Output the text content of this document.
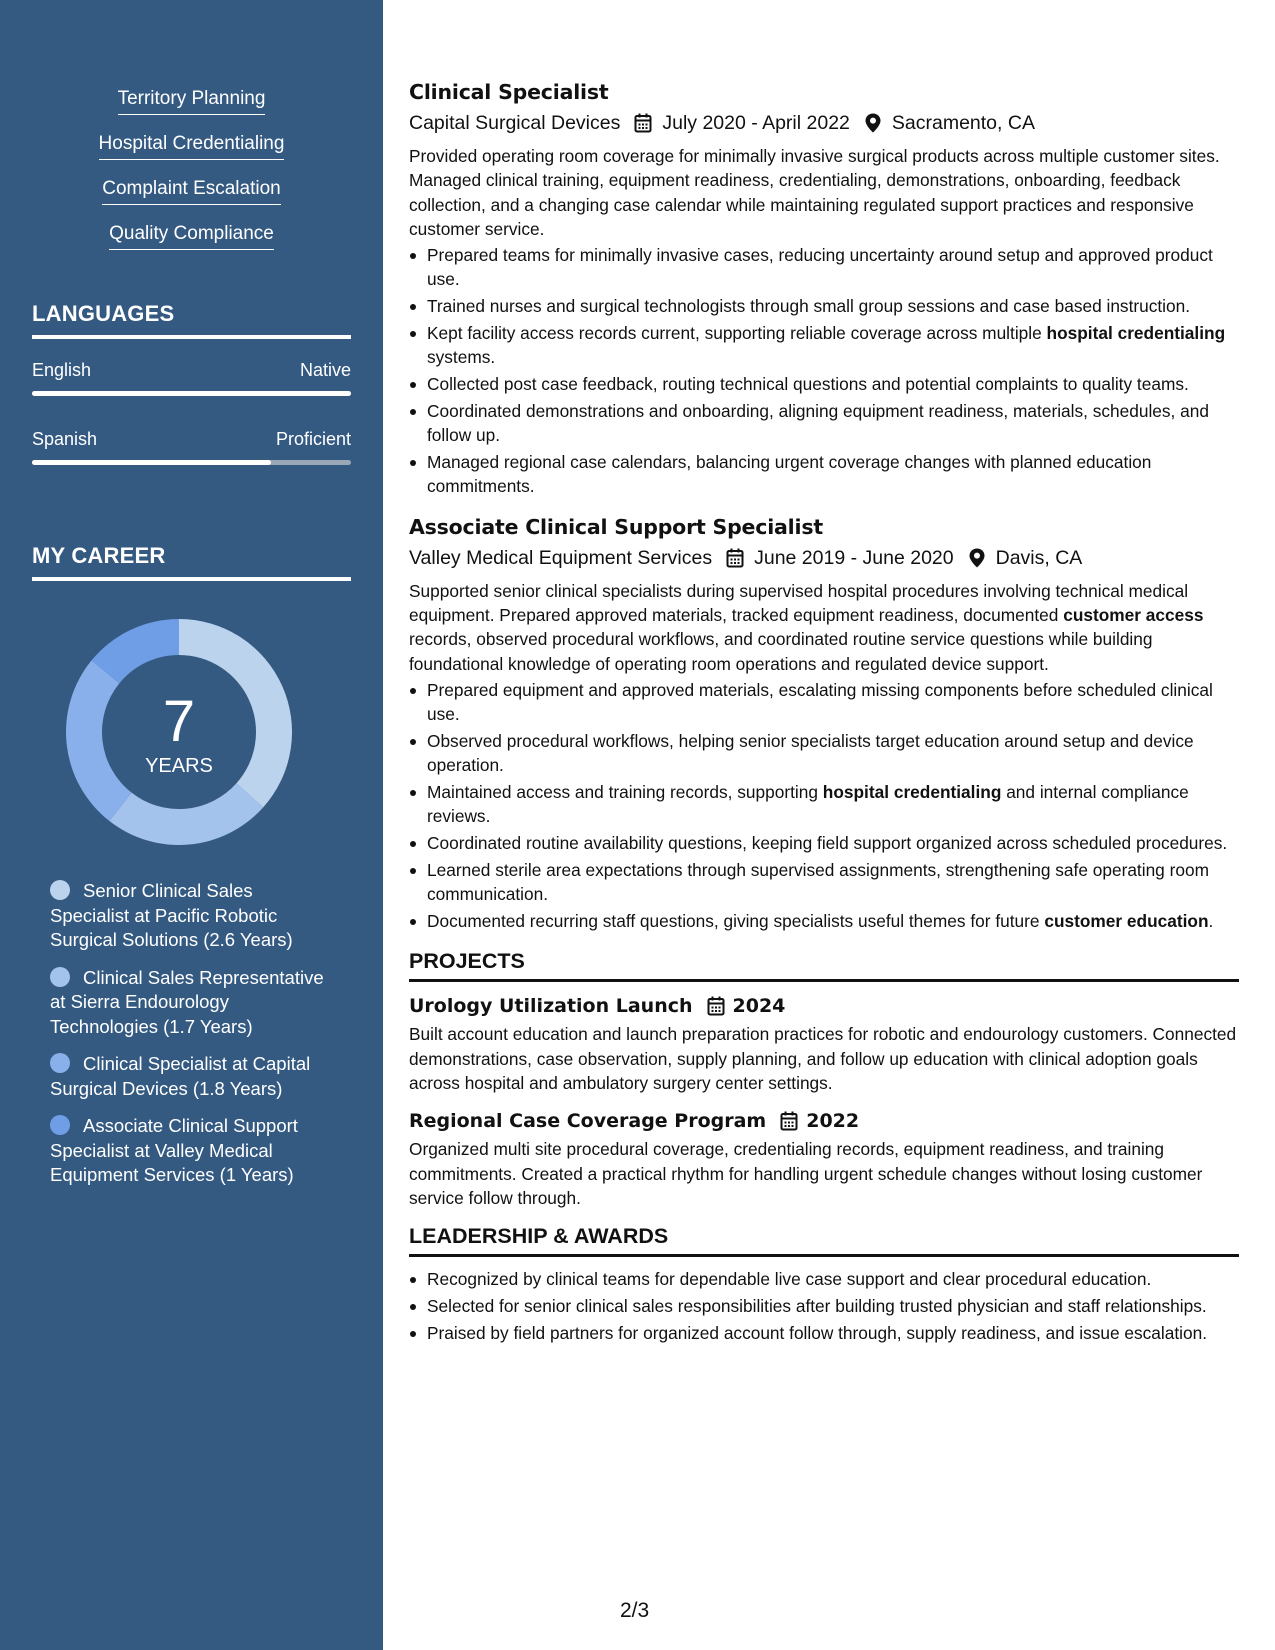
Territory Planning
Hospital Credentialing
Complaint Escalation
Quality Compliance
LANGUAGES
English	Native
Spanish	Proficient
MY CAREER
7
YEARS
Senior Clinical Sales Specialist at Pacific Robotic Surgical Solutions (2.6 Years)
Clinical Sales Representative at Sierra Endourology Technologies (1.7 Years)
Clinical Specialist at Capital Surgical Devices (1.8 Years)
Associate Clinical Support Specialist at Valley Medical Equipment Services (1 Years)
Clinical Specialist
Capital Surgical Devices July 2020 - April 2022 Sacramento, CA
Provided operating room coverage for minimally invasive surgical products across multiple customer sites. Managed clinical training, equipment readiness, credentialing, demonstrations, onboarding, feedback collection, and a changing case calendar while maintaining regulated support practices and responsive customer service.
Prepared teams for minimally invasive cases, reducing uncertainty around setup and approved product use.
Trained nurses and surgical technologists through small group sessions and case based instruction.
Kept facility access records current, supporting reliable coverage across multiple hospital credentialing systems.
Collected post case feedback, routing technical questions and potential complaints to quality teams.
Coordinated demonstrations and onboarding, aligning equipment readiness, materials, schedules, and follow up.
Managed regional case calendars, balancing urgent coverage changes with planned education commitments.
Associate Clinical Support Specialist
Valley Medical Equipment Services June 2019 - June 2020 Davis, CA
Supported senior clinical specialists during supervised hospital procedures involving technical medical equipment. Prepared approved materials, tracked equipment readiness, documented customer access records, observed procedural workflows, and coordinated routine service questions while building foundational knowledge of operating room operations and regulated device support.
Prepared equipment and approved materials, escalating missing components before scheduled clinical use.
Observed procedural workflows, helping senior specialists target education around setup and device operation.
Maintained access and training records, supporting hospital credentialing and internal compliance reviews.
Coordinated routine availability questions, keeping field support organized across scheduled procedures.
Learned sterile area expectations through supervised assignments, strengthening safe operating room communication.
Documented recurring staff questions, giving specialists useful themes for future customer education.
PROJECTS
Urology Utilization Launch 2024
Built account education and launch preparation practices for robotic and endourology customers. Connected demonstrations, case observation, supply planning, and follow up education with clinical adoption goals across hospital and ambulatory surgery center settings.
Regional Case Coverage Program 2022
Organized multi site procedural coverage, credentialing records, equipment readiness, and training commitments. Created a practical rhythm for handling urgent schedule changes without losing customer service follow through.
LEADERSHIP & AWARDS
Recognized by clinical teams for dependable live case support and clear procedural education.
Selected for senior clinical sales responsibilities after building trusted physician and staff relationships.
Praised by field partners for organized account follow through, supply readiness, and issue escalation.
2/3
